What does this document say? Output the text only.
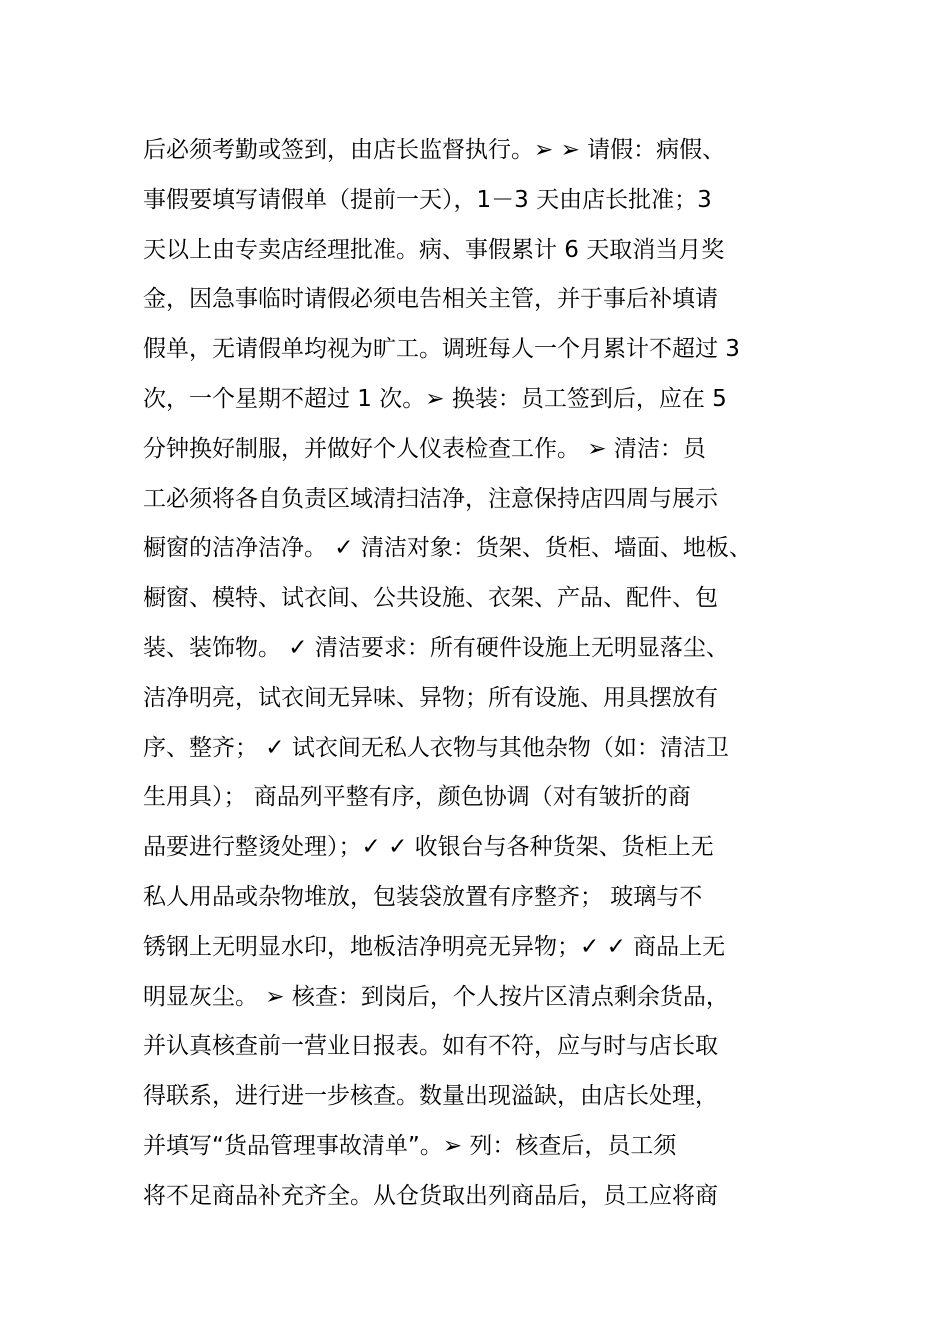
后必须考勤或签到，由店长监督执行。➢ ➢ 请假：病假、
事假要填写请假单（提前一天），1－3 天由店长批准；3
天以上由专卖店经理批准。病、事假累计 6 天取消当月奖
金，因急事临时请假必须电告相关主管，并于事后补填请
假单，无请假单均视为旷工。调班每人一个月累计不超过 3
次，一个星期不超过 1 次。➢ 换装：员工签到后，应在 5
分钟换好制服，并做好个人仪表检查工作。 ➢ 清洁：员
工必须将各自负责区域清扫洁净，注意保持店四周与展示
橱窗的洁净洁净。 ✓ 清洁对象：货架、货柜、墙面、地板、
橱窗、模特、试衣间、公共设施、衣架、产品、配件、包
装、装饰物。 ✓ 清洁要求：所有硬件设施上无明显落尘、
洁净明亮，试衣间无异味、异物；所有设施、用具摆放有
序、整齐； ✓ 试衣间无私人衣物与其他杂物（如：清洁卫
生用具）； 商品列平整有序，颜色协调（对有皱折的商
品要进行整烫处理）；✓ ✓ 收银台与各种货架、货柜上无
私人用品或杂物堆放，包装袋放置有序整齐； 玻璃与不
锈钢上无明显水印，地板洁净明亮无异物；✓ ✓ 商品上无
明显灰尘。 ➢ 核查：到岗后，个人按片区清点剩余货品，
并认真核查前一营业日报表。如有不符，应与时与店长取
得联系，进行进一步核查。数量出现溢缺，由店长处理，
并填写“货品管理事故清单”。➢ 列：核查后，员工须
将不足商品补充齐全。从仓货取出列商品后，员工应将商
